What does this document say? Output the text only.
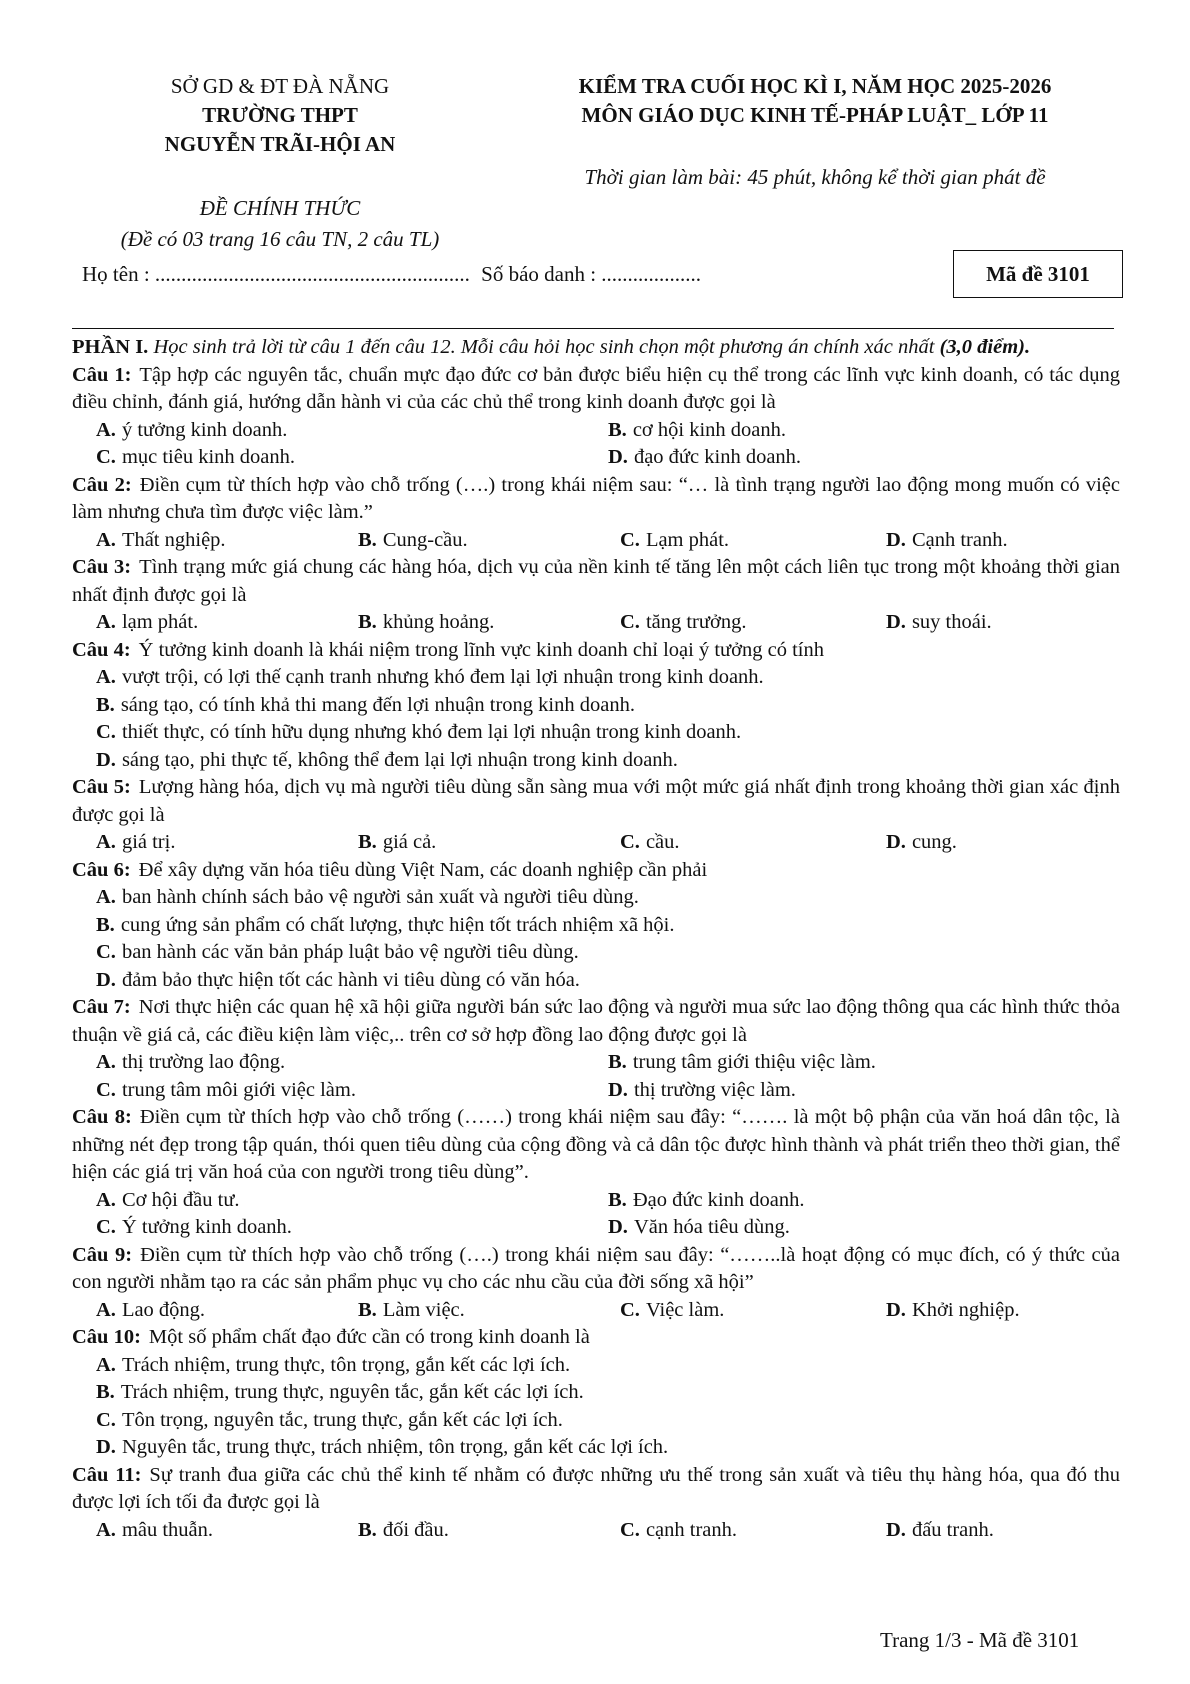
SỞ GD & ĐT ĐÀ NẴNG
TRƯỜNG THPT
NGUYỄN TRÃI-HỘI AN
KIỂM TRA CUỐI HỌC KÌ I, NĂM HỌC 2025-2026
MÔN GIÁO DỤC KINH TẾ-PHÁP LUẬT_ LỚP 11
Thời gian làm bài: 45 phút, không kể thời gian phát đề
ĐỀ CHÍNH THỨC
(Đề có 03 trang 16 câu TN, 2 câu TL)
Họ tên : ............................................................ Số báo danh : ...................	Mã đề 3101

PHẦN I. Học sinh trả lời từ câu 1 đến câu 12. Mỗi câu hỏi học sinh chọn một phương án chính xác nhất (3,0 điểm).

Câu 1: Tập hợp các nguyên tắc, chuẩn mực đạo đức cơ bản được biểu hiện cụ thể trong các lĩnh vực kinh doanh, có tác dụng điều chỉnh, đánh giá, hướng dẫn hành vi của các chủ thể trong kinh doanh được gọi là

A. ý tưởng kinh doanh.	B. cơ hội kinh doanh.
C. mục tiêu kinh doanh.	D. đạo đức kinh doanh.

Câu 2: Điền cụm từ thích hợp vào chỗ trống (….) trong khái niệm sau: “… là tình trạng người lao động mong muốn có việc làm nhưng chưa tìm được việc làm.”

A. Thất nghiệp.	B. Cung-cầu.	C. Lạm phát.	D. Cạnh tranh.

Câu 3: Tình trạng mức giá chung các hàng hóa, dịch vụ của nền kinh tế tăng lên một cách liên tục trong một khoảng thời gian nhất định được gọi là

A. lạm phát.	B. khủng hoảng.	C. tăng trưởng.	D. suy thoái.

Câu 4: Ý tưởng kinh doanh là khái niệm trong lĩnh vực kinh doanh chỉ loại ý tưởng có tính

A. vượt trội, có lợi thế cạnh tranh nhưng khó đem lại lợi nhuận trong kinh doanh.
B. sáng tạo, có tính khả thi mang đến lợi nhuận trong kinh doanh.
C. thiết thực, có tính hữu dụng nhưng khó đem lại lợi nhuận trong kinh doanh.
D. sáng tạo, phi thực tế, không thể đem lại lợi nhuận trong kinh doanh.

Câu 5: Lượng hàng hóa, dịch vụ mà người tiêu dùng sẵn sàng mua với một mức giá nhất định trong khoảng thời gian xác định được gọi là

A. giá trị.	B. giá cả.	C. cầu.	D. cung.

Câu 6: Để xây dựng văn hóa tiêu dùng Việt Nam, các doanh nghiệp cần phải

A. ban hành chính sách bảo vệ người sản xuất và người tiêu dùng.
B. cung ứng sản phẩm có chất lượng, thực hiện tốt trách nhiệm xã hội.
C. ban hành các văn bản pháp luật bảo vệ người tiêu dùng.
D. đảm bảo thực hiện tốt các hành vi tiêu dùng có văn hóa.

Câu 7: Nơi thực hiện các quan hệ xã hội giữa người bán sức lao động và người mua sức lao động thông qua các hình thức thỏa thuận về giá cả, các điều kiện làm việc,.. trên cơ sở hợp đồng lao động được gọi là

A. thị trường lao động.	B. trung tâm giới thiệu việc làm.
C. trung tâm môi giới việc làm.	D. thị trường việc làm.

Câu 8: Điền cụm từ thích hợp vào chỗ trống (……) trong khái niệm sau đây: “……. là một bộ phận của văn hoá dân tộc, là những nét đẹp trong tập quán, thói quen tiêu dùng của cộng đồng và cả dân tộc được hình thành và phát triển theo thời gian, thể hiện các giá trị văn hoá của con người trong tiêu dùng”.

A. Cơ hội đầu tư.	B. Đạo đức kinh doanh.
C. Ý tưởng kinh doanh.	D. Văn hóa tiêu dùng.

Câu 9: Điền cụm từ thích hợp vào chỗ trống (….) trong khái niệm sau đây: “……..là hoạt động có mục đích, có ý thức của con người nhằm tạo ra các sản phẩm phục vụ cho các nhu cầu của đời sống xã hội”

A. Lao động.	B. Làm việc.	C. Việc làm.	D. Khởi nghiệp.

Câu 10: Một số phẩm chất đạo đức cần có trong kinh doanh là

A. Trách nhiệm, trung thực, tôn trọng, gắn kết các lợi ích.
B. Trách nhiệm, trung thực, nguyên tắc, gắn kết các lợi ích.
C. Tôn trọng, nguyên tắc, trung thực, gắn kết các lợi ích.
D. Nguyên tắc, trung thực, trách nhiệm, tôn trọng, gắn kết các lợi ích.

Câu 11: Sự tranh đua giữa các chủ thể kinh tế nhằm có được những ưu thế trong sản xuất và tiêu thụ hàng hóa, qua đó thu được lợi ích tối đa được gọi là

A. mâu thuẫn.	B. đối đầu.	C. cạnh tranh.	D. đấu tranh.
Trang 1/3 - Mã đề 3101
